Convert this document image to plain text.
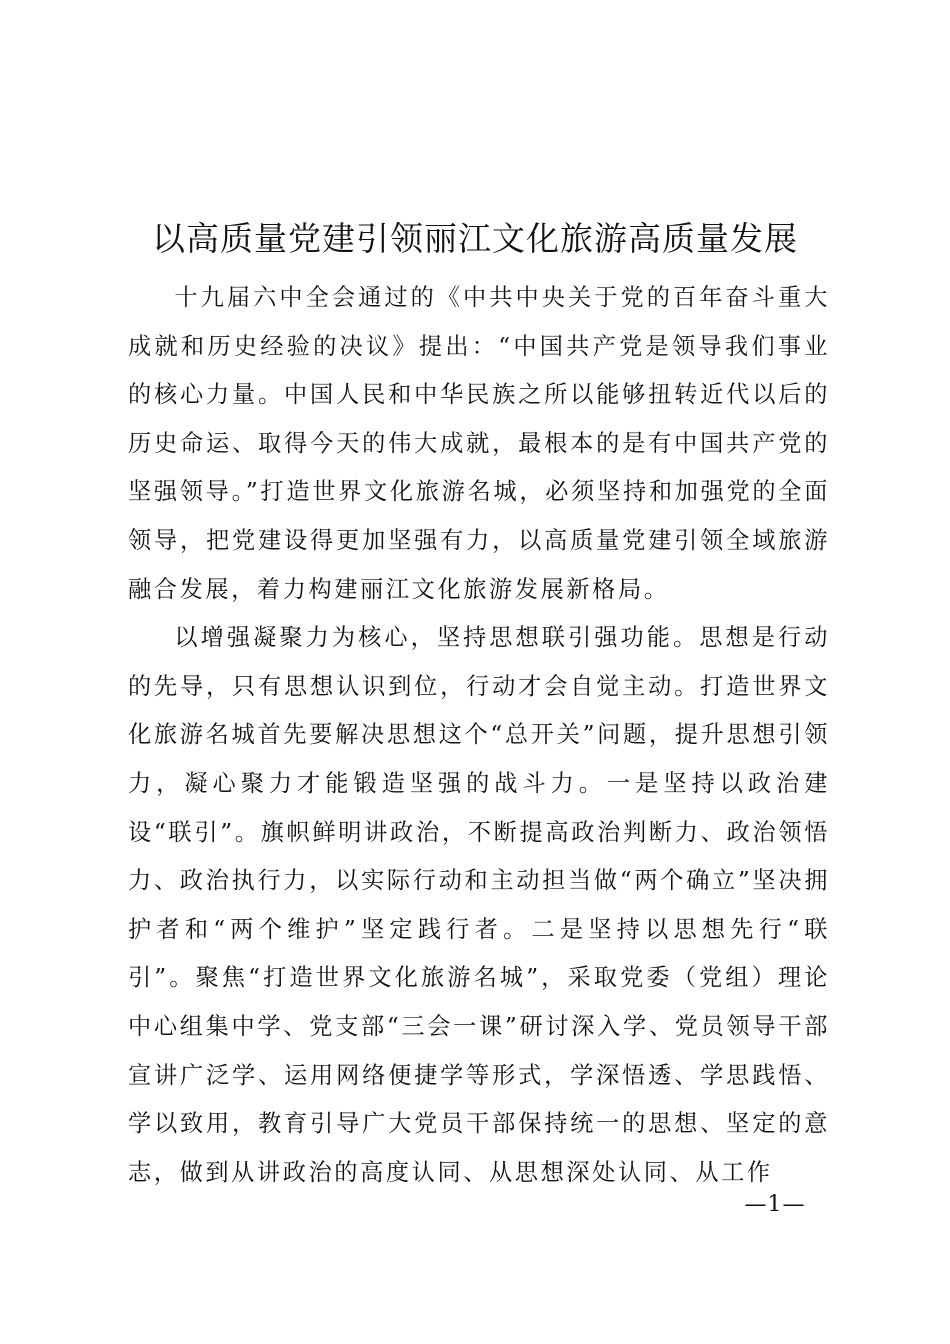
以高质量党建引领丽江文化旅游高质量发展

十九届六中全会通过的《中共中央关于党的百年奋斗重大成就和历史经验的决议》提出：“中国共产党是领导我们事业的核心力量。中国人民和中华民族之所以能够扭转近代以后的历史命运、取得今天的伟大成就，最根本的是有中国共产党的坚强领导。”打造世界文化旅游名城，必须坚持和加强党的全面领导，把党建设得更加坚强有力，以高质量党建引领全域旅游融合发展，着力构建丽江文化旅游发展新格局。

以增强凝聚力为核心，坚持思想联引强功能。思想是行动的先导，只有思想认识到位，行动才会自觉主动。打造世界文化旅游名城首先要解决思想这个“总开关”问题，提升思想引领力，凝心聚力才能锻造坚强的战斗力。一是坚持以政治建设“联引”。旗帜鲜明讲政治，不断提高政治判断力、政治领悟力、政治执行力，以实际行动和主动担当做“两个确立”坚决拥护者和“两个维护”坚定践行者。二是坚持以思想先行“联引”。聚焦“打造世界文化旅游名城”，采取党委（党组）理论中心组集中学、党支部“三会一课”研讨深入学、党员领导干部宣讲广泛学、运用网络便捷学等形式，学深悟透、学思践悟、学以致用，教育引导广大党员干部保持统一的思想、坚定的意志，做到从讲政治的高度认同、从思想深处认同、从工作

—1—
